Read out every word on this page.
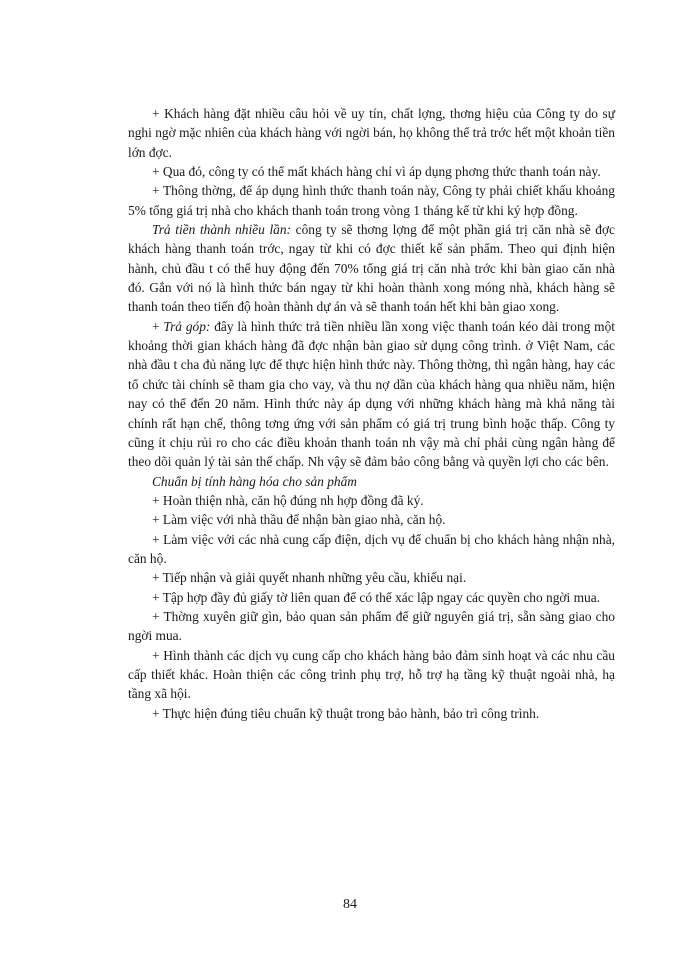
+ Khách hàng đặt nhiều câu hỏi về uy tín, chất lợng, thơng hiệu của Công ty do sự nghi ngờ mặc nhiên của khách hàng với ngời bán, họ không thể trả trớc hết một khoản tiền lớn đợc.

+ Qua đó, công ty có thể mất khách hàng chỉ vì áp dụng phơng thức thanh toán này.

+ Thông thờng, để áp dụng hình thức thanh toán này, Công ty phải chiết khấu khoảng 5% tổng giá trị nhà cho khách thanh toán trong vòng 1 tháng kể từ khi ký hợp đồng.

Trả tiền thành nhiều lần: công ty sẽ thơng lợng để một phần giá trị căn nhà sẽ đợc khách hàng thanh toán trớc, ngay từ khi có đợc thiết kế sản phẩm. Theo qui định hiện hành, chủ đầu t có thể huy động đến 70% tổng giá trị căn nhà trớc khi bàn giao căn nhà đó. Gắn với nó là hình thức bán ngay từ khi hoàn thành xong móng nhà, khách hàng sẽ thanh toán theo tiến độ hoàn thành dự án và sẽ thanh toán hết khi bàn giao xong.

+ Trả góp: đây là hình thức trả tiền nhiều lần xong việc thanh toán kéo dài trong một khoảng thời gian khách hàng đã đợc nhận bàn giao sử dụng công trình. ở Việt Nam, các nhà đầu t cha đủ năng lực để thực hiện hình thức này. Thông thờng, thì ngân hàng, hay các tổ chức tài chính sẽ tham gia cho vay, và thu nợ dần của khách hàng qua nhiều năm, hiện nay có thể đến 20 năm. Hình thức này áp dụng với những khách hàng mà khả năng tài chính rất hạn chế, thông tơng ứng với sản phẩm có giá trị trung bình hoặc thấp. Công ty cũng ít chịu rủi ro cho các điều khoản thanh toán nh vậy mà chỉ phải cùng ngân hàng để theo dõi quản lý tài sản thế chấp. Nh vậy sẽ đảm bảo công bằng và quyền lợi cho các bên.

Chuẩn bị tính hàng hóa cho sản phẩm

+ Hoàn thiện nhà, căn hộ đúng nh hợp đồng đã ký.

+ Làm việc với nhà thầu để nhận bàn giao nhà, căn hộ.

+ Làm việc với các nhà cung cấp điện, dịch vụ để chuẩn bị cho khách hàng nhận nhà, căn hộ.

+ Tiếp nhận và giải quyết nhanh những yêu cầu, khiếu nại.

+ Tập hợp đầy đủ giấy tờ liên quan để có thể xác lập ngay các quyền cho ngời mua.

+ Thờng xuyên giữ gìn, bảo quan sản phẩm để giữ nguyên giá trị, sẵn sàng giao cho ngời mua.

+ Hình thành các dịch vụ cung cấp cho khách hàng bảo đảm sinh hoạt và các nhu cầu cấp thiết khác. Hoàn thiện các công trình phụ trợ, hỗ trợ hạ tầng kỹ thuật ngoài nhà, hạ tầng xã hội.

+ Thực hiện đúng tiêu chuẩn kỹ thuật trong bảo hành, bảo trì công trình.

84
